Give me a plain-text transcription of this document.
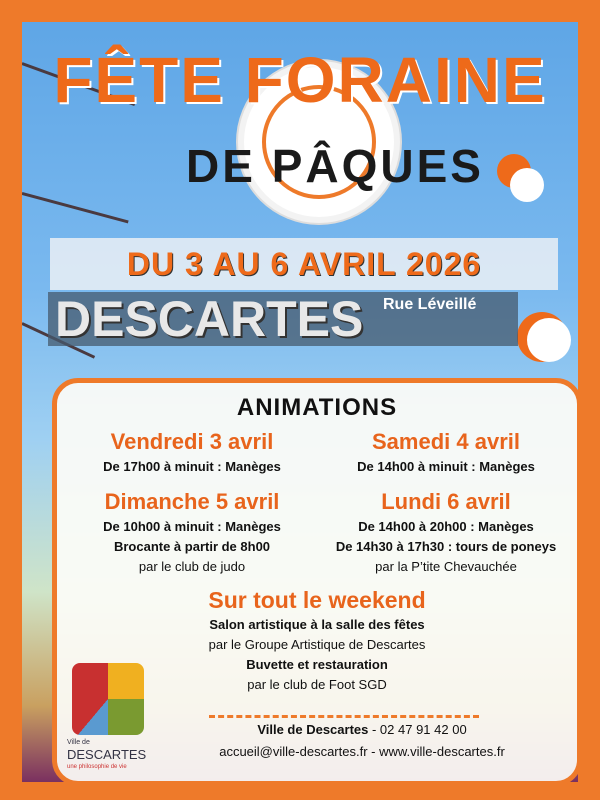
FÊTE FORAINE
DE PÂQUES
DU 3 AU 6 AVRIL 2026
DESCARTES Rue Léveillé
ANIMATIONS
Vendredi 3 avril
De 17h00 à minuit : Manèges
Samedi 4 avril
De 14h00 à minuit : Manèges
Dimanche 5 avril
De 10h00 à minuit : Manèges
Brocante à partir de 8h00
par le club de judo
Lundi 6 avril
De 14h00 à 20h00 : Manèges
De 14h30 à 17h30 : tours de poneys
par la P’tite Chevauchée
Sur tout le weekend
Salon artistique à la salle des fêtes
par le Groupe Artistique de Descartes
Buvette et restauration
par le club de Foot SGD
Ville de Descartes - 02 47 91 42 00
accueil@ville-descartes.fr - www.ville-descartes.fr
Ville de
DESCARTES
une philosophie de vie
